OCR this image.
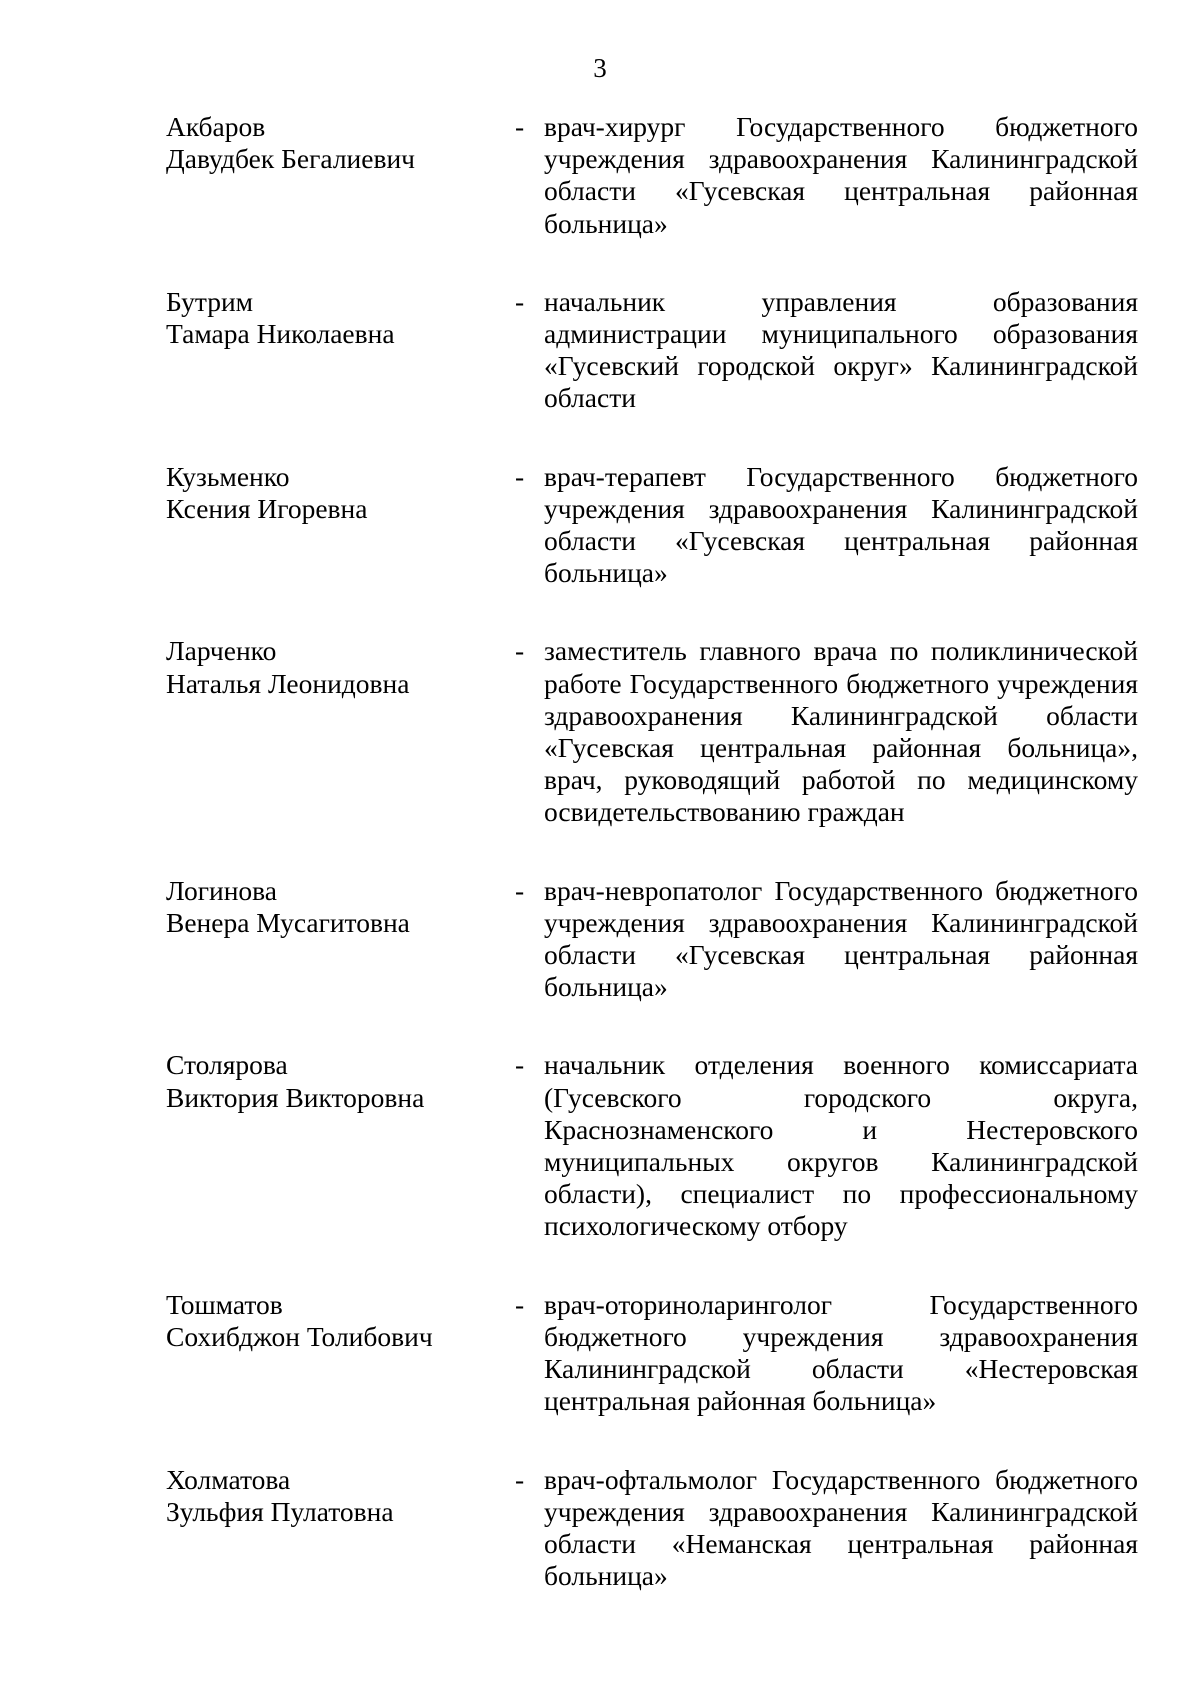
3
Акбаров
Давудбек Бегалиевич
- врач-хирург Государственного бюджетного учреждения здравоохранения Калининградской области «Гусевская центральная районная больница»
Бутрим
Тамара Николаевна
- начальник управления образования администрации муниципального образования «Гусевский городской округ» Калининградской области
Кузьменко
Ксения Игоревна
- врач-терапевт Государственного бюджетного учреждения здравоохранения Калининградской области «Гусевская центральная районная больница»
Ларченко
Наталья Леонидовна
- заместитель главного врача по поликлинической работе Государственного бюджетного учреждения здравоохранения Калининградской области «Гусевская центральная районная больница», врач, руководящий работой по медицинскому освидетельствованию граждан
Логинова
Венера Мусагитовна
- врач-невропатолог Государственного бюджетного учреждения здравоохранения Калининградской области «Гусевская центральная районная больница»
Столярова
Виктория Викторовна
- начальник отделения военного комиссариата (Гусевского городского округа, Краснознаменского и Нестеровского муниципальных округов Калининградской области), специалист по профессиональному психологическому отбору
Тошматов
Сохибджон Толибович
- врач-оториноларинголог Государственного бюджетного учреждения здравоохранения Калининградской области «Нестеровская центральная районная больница»
Холматова
Зульфия Пулатовна
- врач-офтальмолог Государственного бюджетного учреждения здравоохранения Калининградской области «Неманская центральная районная больница»
